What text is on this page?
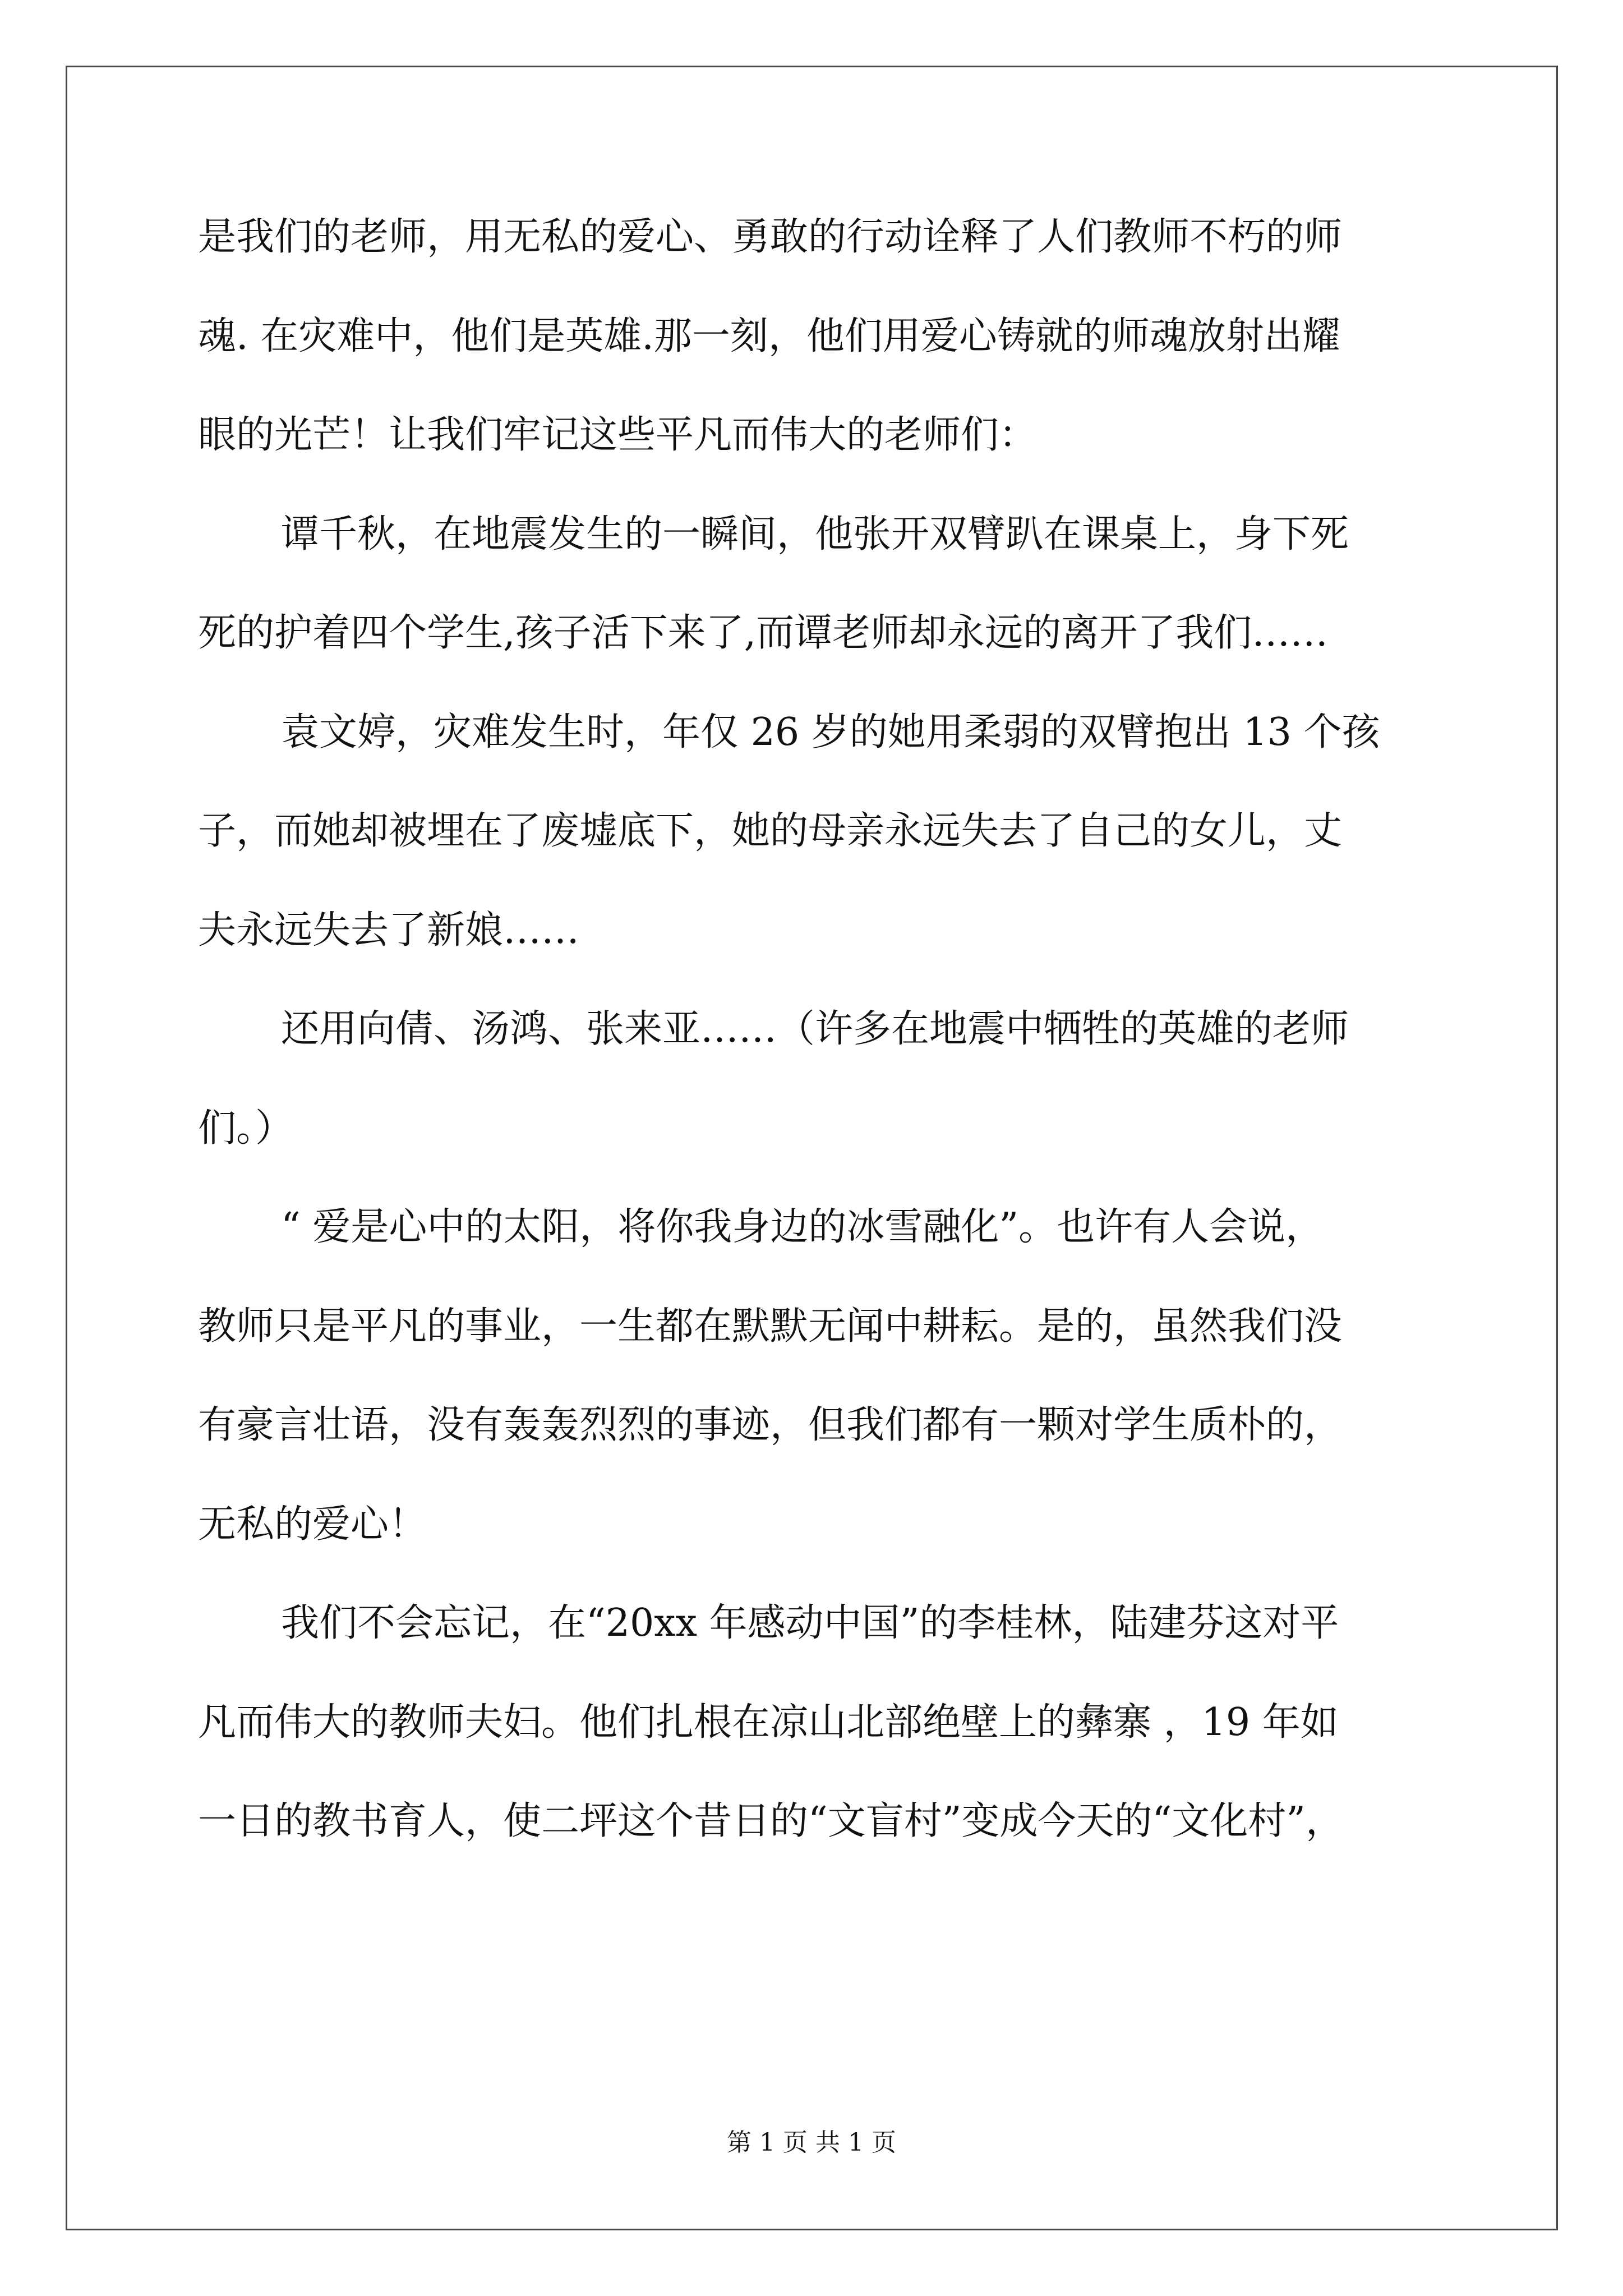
是我们的老师，用无私的爱心、勇敢的行动诠释了人们教师不朽的师
魂. 在灾难中，他们是英雄.那一刻，他们用爱心铸就的师魂放射出耀
眼的光芒！让我们牢记这些平凡而伟大的老师们：
谭千秋，在地震发生的一瞬间，他张开双臂趴在课桌上，身下死
死的护着四个学生,孩子活下来了,而谭老师却永远的离开了我们……
袁文婷，灾难发生时，年仅 26 岁的她用柔弱的双臂抱出 13 个孩
子，而她却被埋在了废墟底下，她的母亲永远失去了自己的女儿，丈
夫永远失去了新娘……
还用向倩、汤鸿、张来亚……（许多在地震中牺牲的英雄的老师
们。）
“ 爱是心中的太阳，将你我身边的冰雪融化”。也许有人会说，
教师只是平凡的事业，一生都在默默无闻中耕耘。是的，虽然我们没
有豪言壮语，没有轰轰烈烈的事迹，但我们都有一颗对学生质朴的，
无私的爱心！
我们不会忘记，在“20xx 年感动中国”的李桂林，陆建芬这对平
凡而伟大的教师夫妇。他们扎根在凉山北部绝壁上的彝寨 ，19 年如
一日的教书育人，使二坪这个昔日的“文盲村”变成今天的“文化村”，
第 1 页 共 1 页
